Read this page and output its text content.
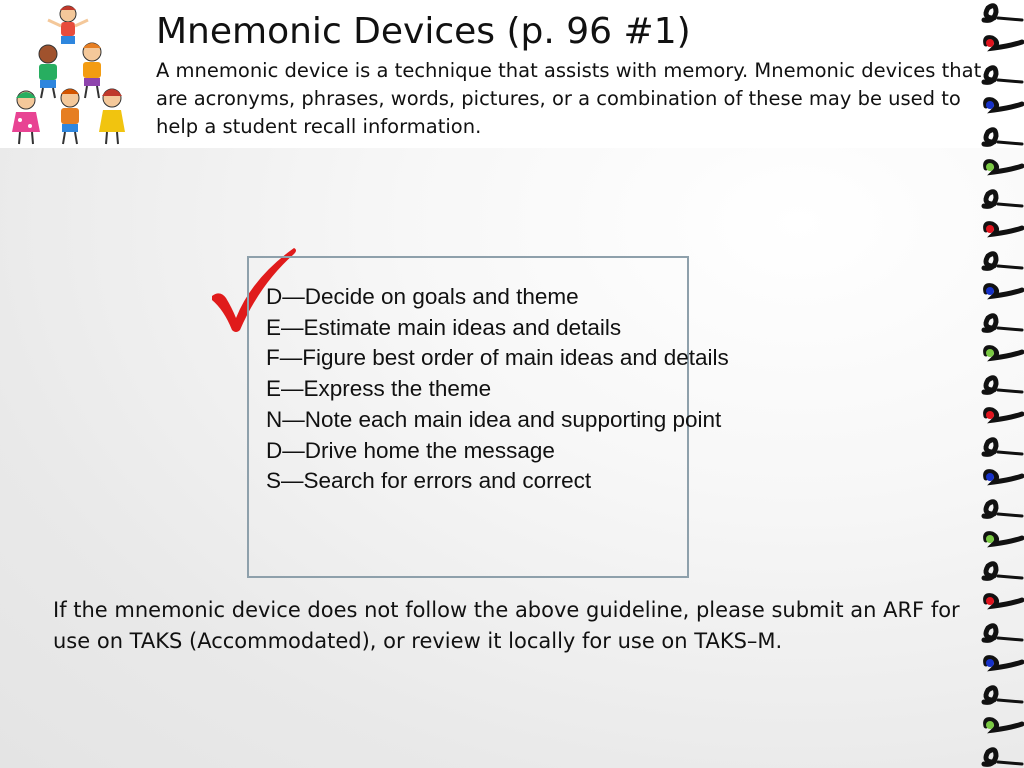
Mnemonic Devices (p. 96 #1)

A mnemonic device is a technique that assists with memory. Mnemonic devices that are acronyms, phrases, words, pictures, or a combination of these may be used to help a student recall information.

D—Decide on goals and theme
E—Estimate main ideas and details
F—Figure best order of main ideas and details
E—Express the theme
N—Note each main idea and supporting point
D—Drive home the message
S—Search for errors and correct

If the mnemonic device does not follow the above guideline, please submit an ARF for use on TAKS (Accommodated), or review it locally for use on TAKS–M.
